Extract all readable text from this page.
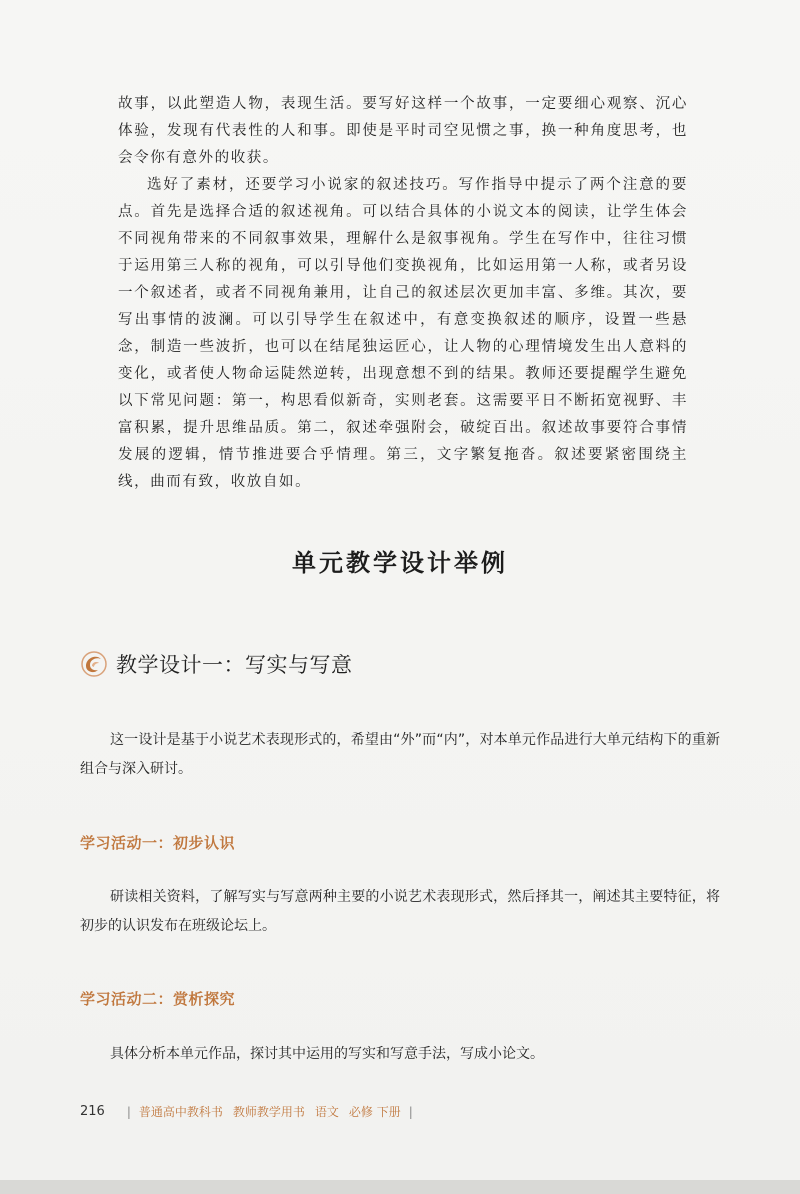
故事，以此塑造人物，表现生活。要写好这样一个故事，一定要细心观察、沉心体验，发现有代表性的人和事。即使是平时司空见惯之事，换一种角度思考，也会令你有意外的收获。

选好了素材，还要学习小说家的叙述技巧。写作指导中提示了两个注意的要点。首先是选择合适的叙述视角。可以结合具体的小说文本的阅读，让学生体会不同视角带来的不同叙事效果，理解什么是叙事视角。学生在写作中，往往习惯于运用第三人称的视角，可以引导他们变换视角，比如运用第一人称，或者另设一个叙述者，或者不同视角兼用，让自己的叙述层次更加丰富、多维。其次，要写出事情的波澜。可以引导学生在叙述中，有意变换叙述的顺序，设置一些悬念，制造一些波折，也可以在结尾独运匠心，让人物的心理情境发生出人意料的变化，或者使人物命运陡然逆转，出现意想不到的结果。教师还要提醒学生避免以下常见问题：第一，构思看似新奇，实则老套。这需要平日不断拓宽视野、丰富积累，提升思维品质。第二，叙述牵强附会，破绽百出。叙述故事要符合事情发展的逻辑，情节推进要合乎情理。第三，文字繁复拖沓。叙述要紧密围绕主线，曲而有致，收放自如。

单元教学设计举例
教学设计一：写实与写意

这一设计是基于小说艺术表现形式的，希望由“外”而“内”，对本单元作品进行大单元结构下的重新组合与深入研讨。

学习活动一：初步认识

研读相关资料，了解写实与写意两种主要的小说艺术表现形式，然后择其一，阐述其主要特征，将初步的认识发布在班级论坛上。

学习活动二：赏析探究

具体分析本单元作品，探讨其中运用的写实和写意手法，写成小论文。

216 | 普通高中教科书 教师教学用书 语文 必修 下册 |
